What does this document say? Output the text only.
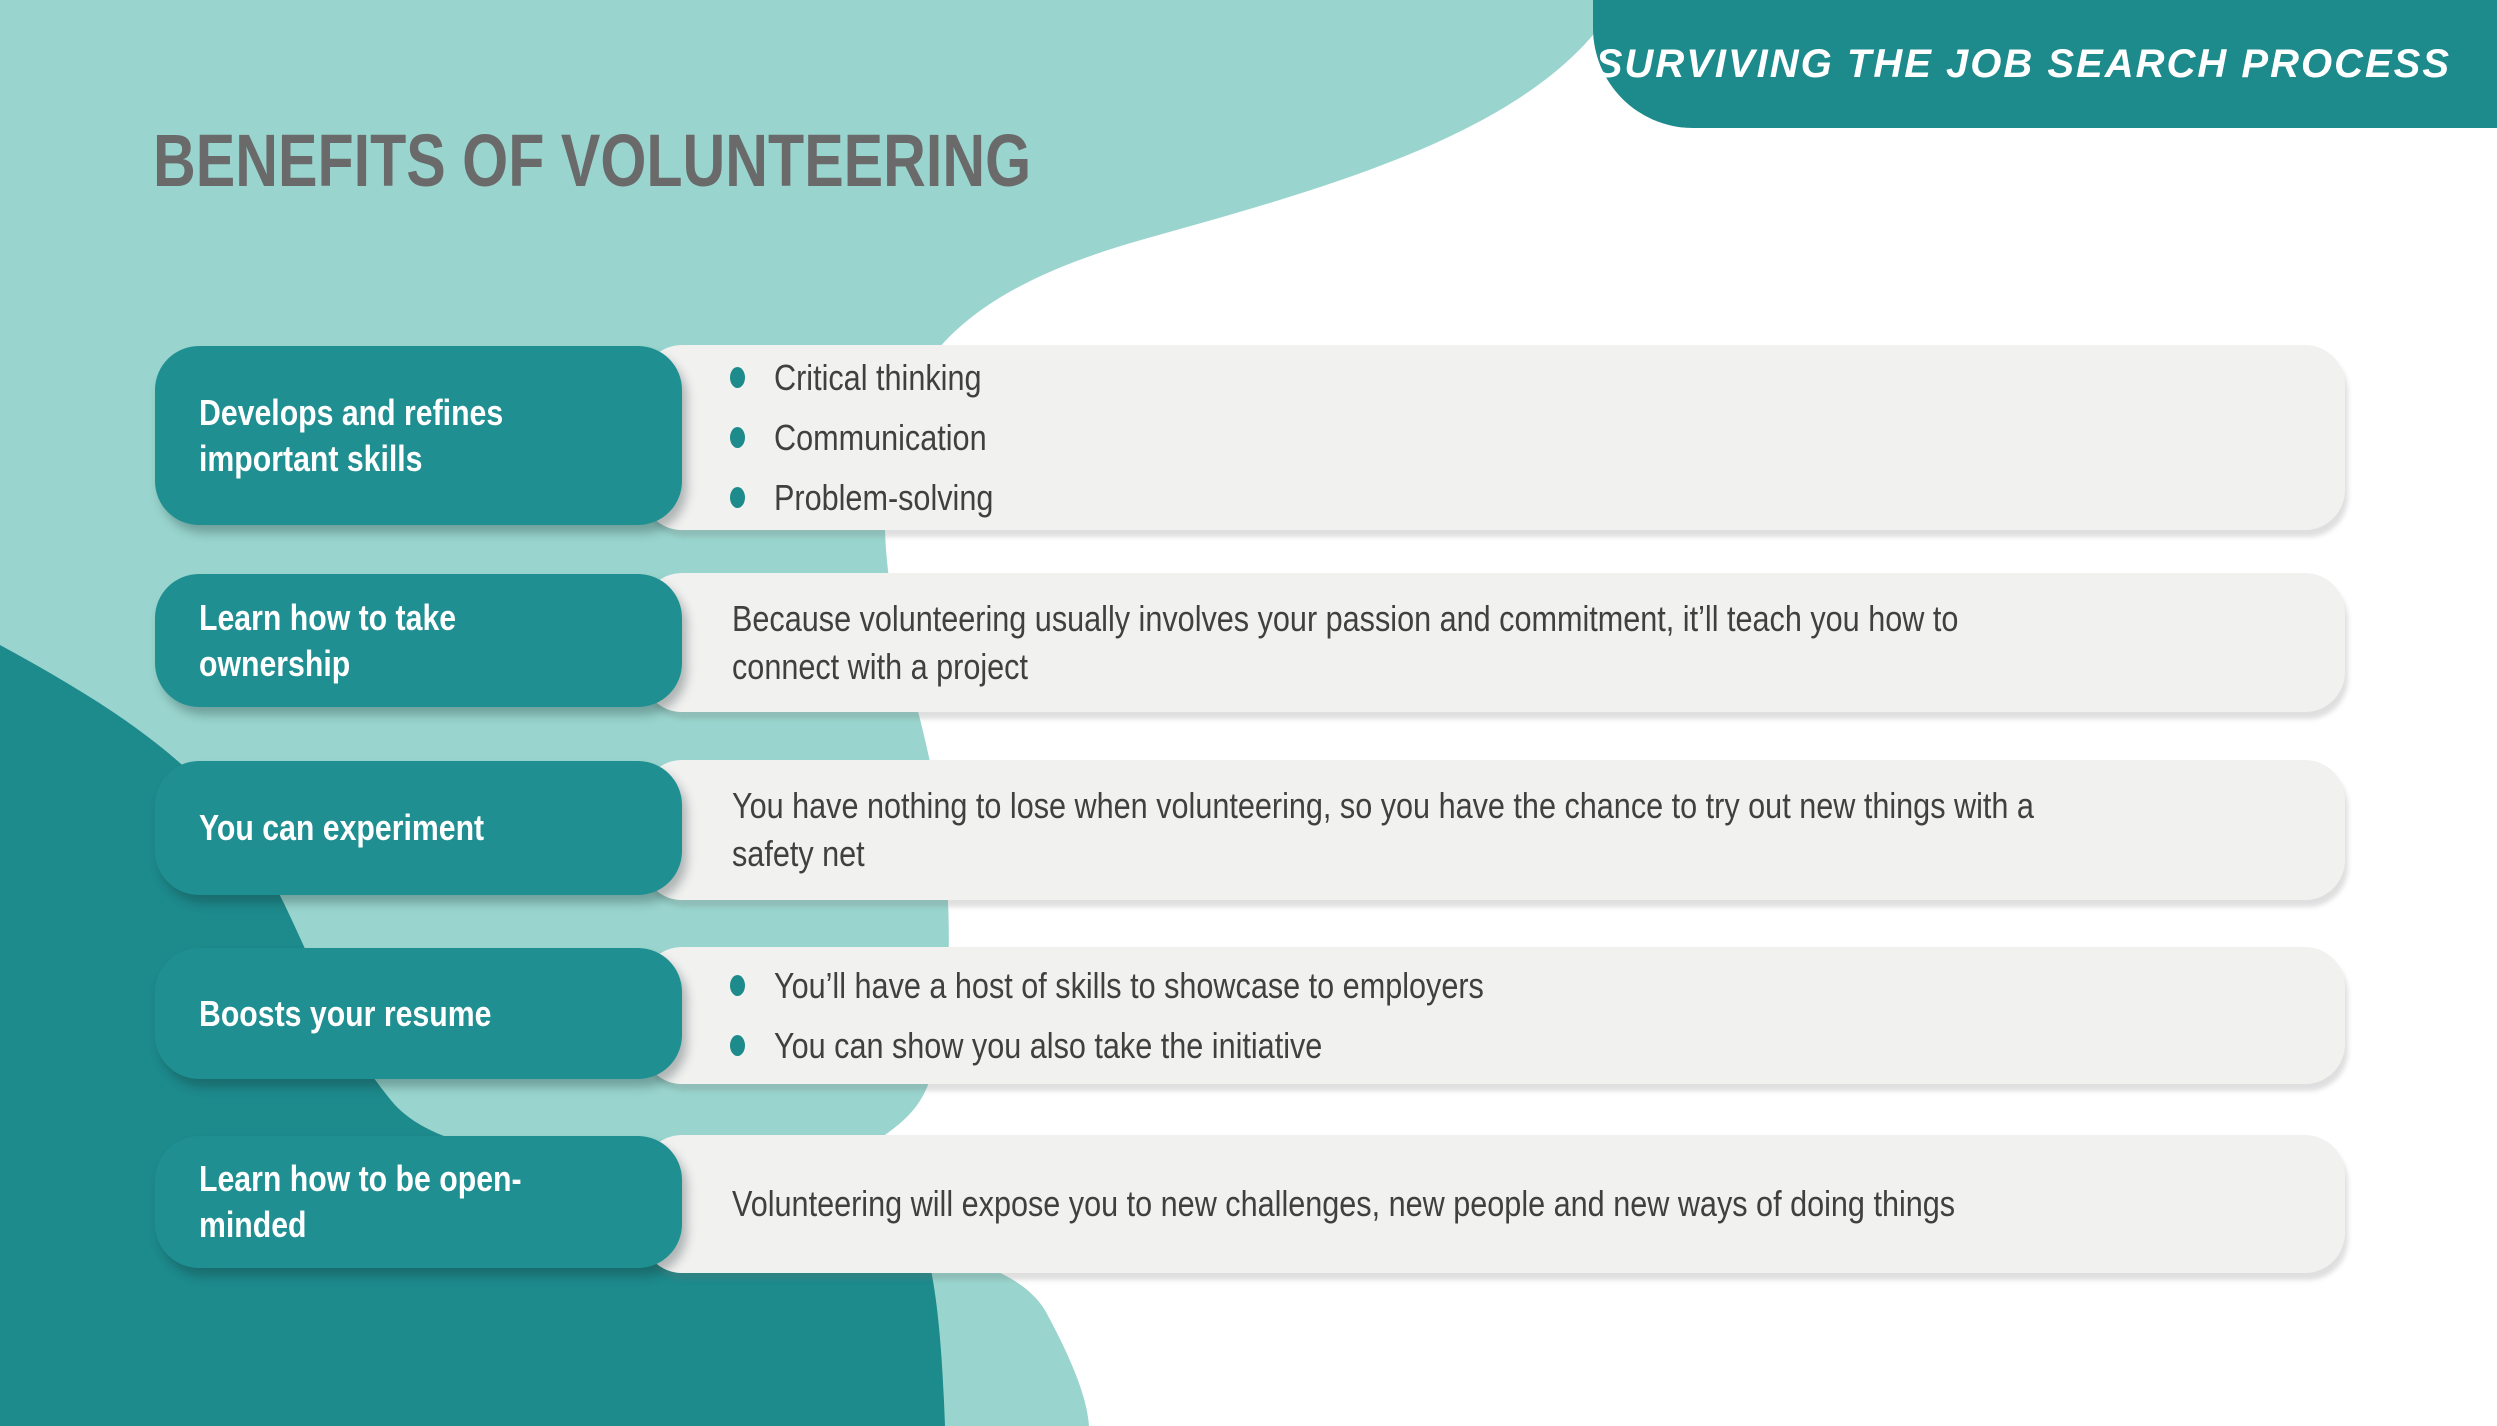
BENEFITS OF VOLUNTEERING
SURVIVING THE JOB SEARCH PROCESS
Critical thinking
Communication
Problem-solving
Develops and refines important skills

Because volunteering usually involves your passion and commitment, it’ll teach you how to connect with a project

Learn how to take ownership

You have nothing to lose when volunteering, so you have the chance to try out new things with a safety net

You can experiment
You’ll have a host of skills to showcase to employers
You can show you also take the initiative
Boosts your resume

Volunteering will expose you to new challenges, new people and new ways of doing things

Learn how to be open-minded
